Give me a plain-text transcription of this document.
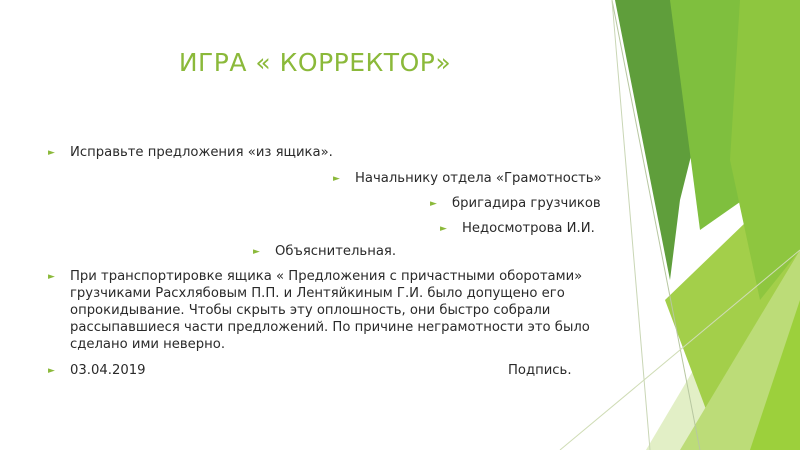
ИГРА « КОРРЕКТОР»
► Исправьте предложения «из ящика».
► Начальнику отдела «Грамотность»
► бригадира грузчиков
► Недосмотрова И.И.
► Объяснительная.
► При транспортировке ящика « Предложения с причастными оборотами» грузчиками Расхлябовым П.П. и Лентяйкиным Г.И. было допущено его опрокидывание. Чтобы скрыть эту оплошность, они быстро собрали рассыпавшиеся части предложений. По причине неграмотности это было сделано ими неверно.
► 03.04.2019	Подпись.
